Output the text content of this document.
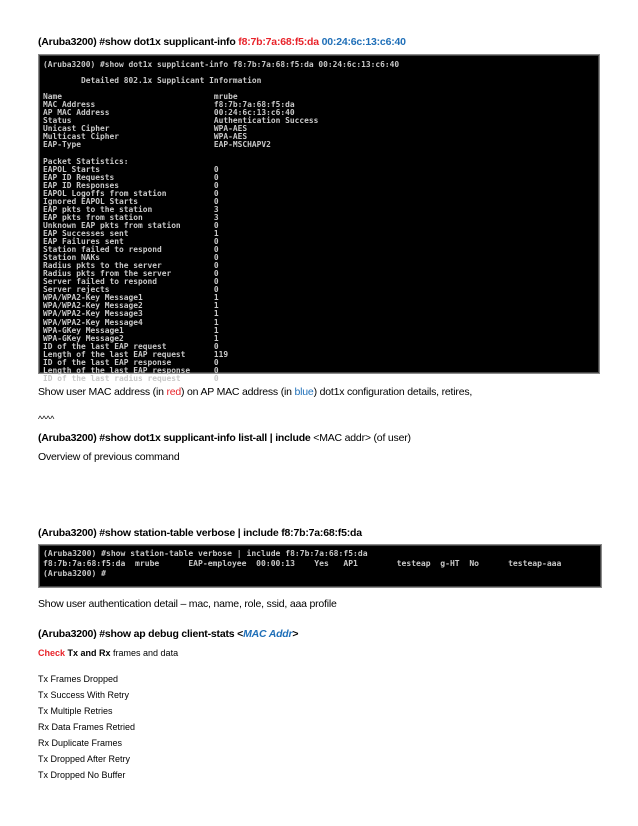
(Aruba3200) #show dot1x supplicant-info f8:7b:7a:68:f5:da 00:24:6c:13:c6:40
(Aruba3200) #show dot1x supplicant-info f8:7b:7a:68:f5:da 00:24:6c:13:c6:40

Detailed 802.1x Supplicant Information

Name                                mrube
MAC Address                         f8:7b:7a:68:f5:da
AP MAC Address                      00:24:6c:13:c6:40
Status                              Authentication Success
Unicast Cipher                      WPA-AES
Multicast Cipher                    WPA-AES
EAP-Type                            EAP-MSCHAPV2

Packet Statistics:
EAPOL Starts                        0
EAP ID Requests                     0
EAP ID Responses                    0
EAPOL Logoffs from station          0
Ignored EAPOL Starts                0
EAP pkts to the station             3
EAP pkts from station               3
Unknown EAP pkts from station       0
EAP Successes sent                  1
EAP Failures sent                   0
Station failed to respond           0
Station NAKs                        0
Radius pkts to the server           0
Radius pkts from the server         0
Server failed to respond            0
Server rejects                      0
WPA/WPA2-Key Message1               1
WPA/WPA2-Key Message2               1
WPA/WPA2-Key Message3               1
WPA/WPA2-Key Message4               1
WPA-GKey Message1                   1
WPA-GKey Message2                   1
ID of the last EAP request          0
Length of the last EAP request      119
ID of the last EAP response         0
Length of the last EAP response     0
ID of the last radius request       0
Show user MAC address (in red) on AP MAC address (in blue) dot1x configuration details, retires,
^^^^
(Aruba3200) #show dot1x supplicant-info list-all | include <MAC addr> (of user)
Overview of previous command
(Aruba3200) #show station-table verbose | include f8:7b:7a:68:f5:da
(Aruba3200) #show station-table verbose | include f8:7b:7a:68:f5:da
f8:7b:7a:68:f5:da  mrube      EAP-employee  00:00:13    Yes   AP1        testeap  g-HT  No      testeap-aaa
(Aruba3200) #
Show user authentication detail – mac, name, role, ssid, aaa profile
(Aruba3200) #show ap debug client-stats <MAC Addr>
Check Tx and Rx frames and data
Tx Frames Dropped
Tx Success With Retry
Tx Multiple Retries
Rx Data Frames Retried
Rx Duplicate Frames
Tx Dropped After Retry
Tx Dropped No Buffer
